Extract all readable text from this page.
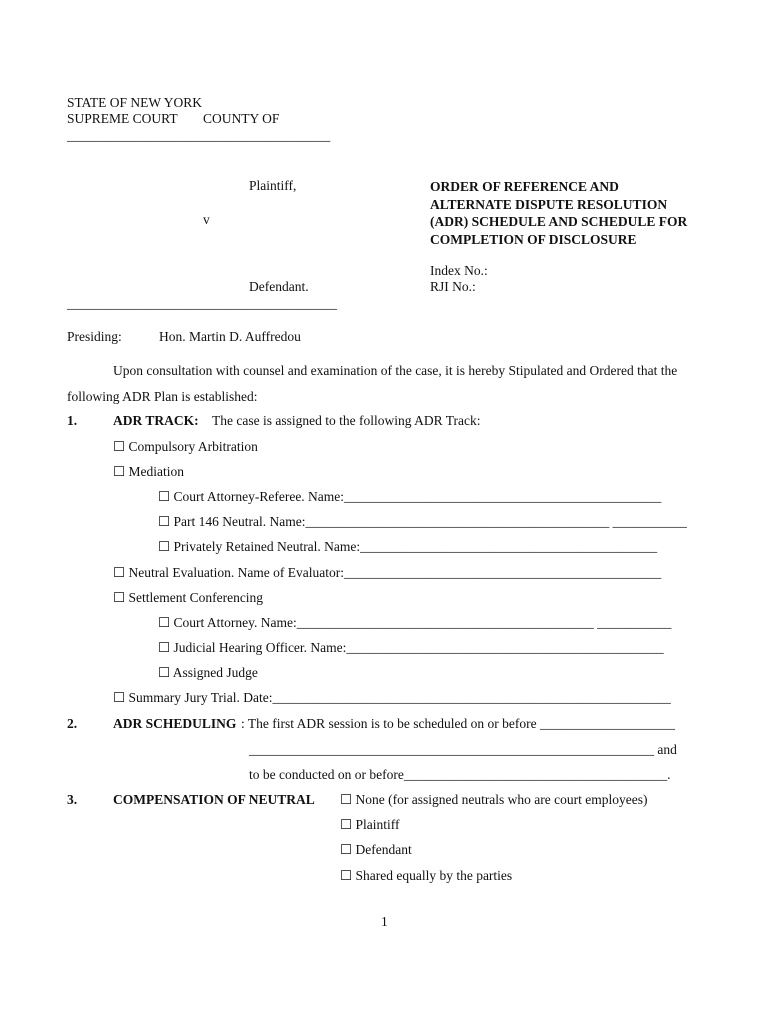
STATE OF NEW YORK
SUPREME COURT COUNTY OF
_______________________________________
Plaintiff,
v
Defendant.
________________________________________
ORDER OF REFERENCE AND
ALTERNATE DISPUTE RESOLUTION
(ADR) SCHEDULE AND SCHEDULE FOR
COMPLETION OF DISCLOSURE
Index No.:
RJI No.:
Presiding:	Hon. Martin D. Auffredou
Upon consultation with counsel and examination of the case, it is hereby Stipulated and Ordered that the
following ADR Plan is established:
1.	ADR TRACK: The case is assigned to the following ADR Track:
☐ Compulsory Arbitration
☐ Mediation
☐ Court Attorney-Referee. Name:_______________________________________________
☐ Part 146 Neutral. Name:_____________________________________________ ___________
☐ Privately Retained Neutral. Name:____________________________________________
☐ Neutral Evaluation. Name of Evaluator:_______________________________________________
☐ Settlement Conferencing
☐ Court Attorney. Name:____________________________________________ ___________
☐ Judicial Hearing Officer. Name:_______________________________________________
☐ Assigned Judge
☐ Summary Jury Trial. Date:___________________________________________________________
2.	ADR SCHEDULING : The first ADR session is to be scheduled on or before ____________________
____________________________________________________________ and
to be conducted on or before_______________________________________.
3.	COMPENSATION OF NEUTRAL ☐ None (for assigned neutrals who are court employees)
☐ Plaintiff
☐ Defendant
☐ Shared equally by the parties
1
